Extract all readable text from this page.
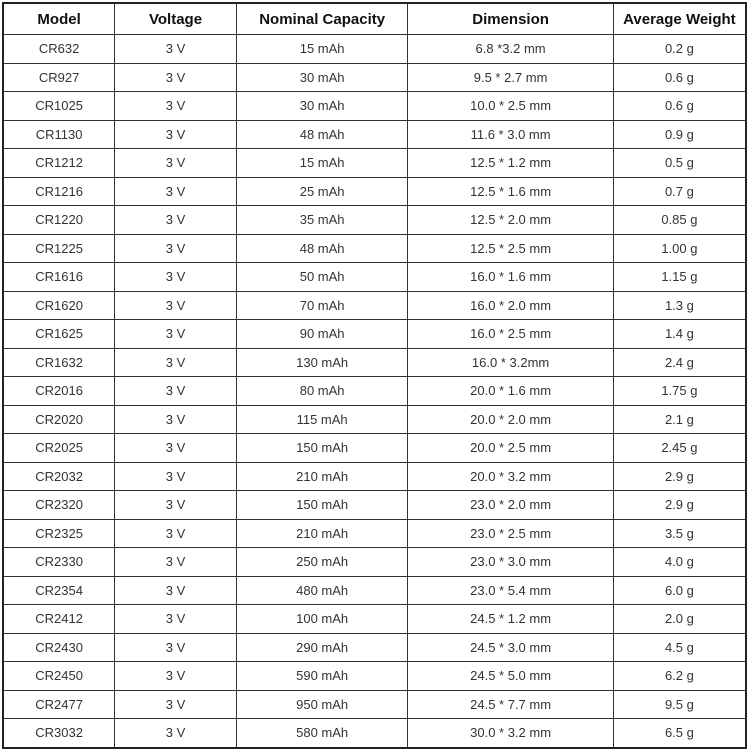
Model	Voltage	Nominal Capacity	Dimension	Average Weight
CR632	3 V	15 mAh	6.8 *3.2 mm	0.2 g
CR927	3 V	30 mAh	9.5 * 2.7 mm	0.6 g
CR1025	3 V	30 mAh	10.0 * 2.5 mm	0.6 g
CR1130	3 V	48 mAh	11.6 * 3.0 mm	0.9 g
CR1212	3 V	15 mAh	12.5 * 1.2 mm	0.5 g
CR1216	3 V	25 mAh	12.5 * 1.6 mm	0.7 g
CR1220	3 V	35 mAh	12.5 * 2.0 mm	0.85 g
CR1225	3 V	48 mAh	12.5 * 2.5 mm	1.00 g
CR1616	3 V	50 mAh	16.0 * 1.6 mm	1.15 g
CR1620	3 V	70 mAh	16.0 * 2.0 mm	1.3 g
CR1625	3 V	90 mAh	16.0 * 2.5 mm	1.4 g
CR1632	3 V	130 mAh	16.0 * 3.2mm	2.4 g
CR2016	3 V	80 mAh	20.0 * 1.6 mm	1.75 g
CR2020	3 V	115 mAh	20.0 * 2.0 mm	2.1 g
CR2025	3 V	150 mAh	20.0 * 2.5 mm	2.45 g
CR2032	3 V	210 mAh	20.0 * 3.2 mm	2.9 g
CR2320	3 V	150 mAh	23.0 * 2.0 mm	2.9 g
CR2325	3 V	210 mAh	23.0 * 2.5 mm	3.5 g
CR2330	3 V	250 mAh	23.0 * 3.0 mm	4.0 g
CR2354	3 V	480 mAh	23.0 * 5.4 mm	6.0 g
CR2412	3 V	100 mAh	24.5 * 1.2 mm	2.0 g
CR2430	3 V	290 mAh	24.5 * 3.0 mm	4.5 g
CR2450	3 V	590 mAh	24.5 * 5.0 mm	6.2 g
CR2477	3 V	950 mAh	24.5 * 7.7 mm	9.5 g
CR3032	3 V	580 mAh	30.0 * 3.2 mm	6.5 g
